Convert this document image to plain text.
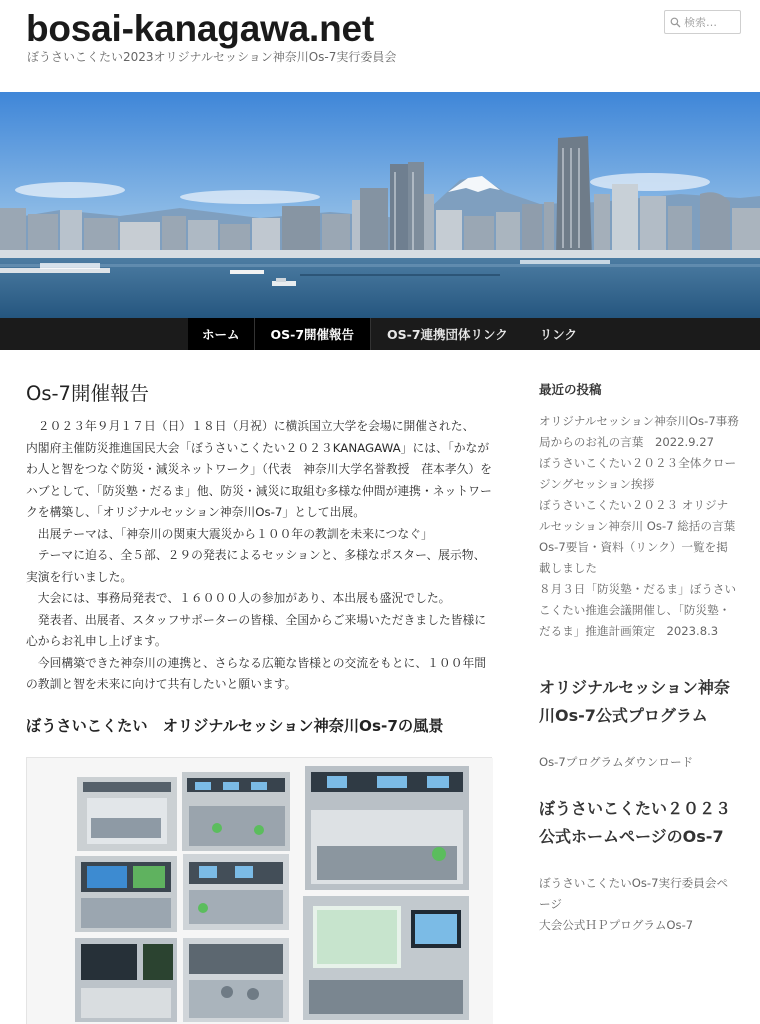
bosai-kanagawa.net
ぼうさいこくたい2023オリジナルセッション神奈川Os-7実行委員会
検索…
ホーム	OS-7開催報告	OS-7連携団体リンク	リンク
Os-7開催報告

２０２３年９月１７日（日）１８日（月祝）に横浜国立大学を会場に開催された、

内閣府主催防災推進国民大会「ぼうさいこくたい２０２３KANAGAWA」には、「かながわ人と智をつなぐ防災・減災ネットワーク」（代表　神奈川大学名誉教授　荏本孝久）をハブとして、「防災塾・だるま」他、防災・減災に取組む多様な仲間が連携・ネットワークを構築し、「オリジナルセッション神奈川Os-7」として出展。

出展テーマは、「神奈川の関東大震災から１００年の教訓を未来につなぐ」

テーマに迫る、全５部、２９の発表によるセッションと、多様なポスター、展示物、実演を行いました。

大会には、事務局発表で、１６０００人の参加があり、本出展も盛況でした。

発表者、出展者、スタッフサポーターの皆様、全国からご来場いただきました皆様に心からお礼申し上げます。

今回構築できた神奈川の連携と、さらなる広範な皆様との交流をもとに、１００年間の教訓と智を未来に向けて共有したいと願います。

ぼうさいこくたい　オリジナルセッション神奈川Os-7の風景
最近の投稿
オリジナルセッション神奈川Os-7事務局からのお礼の言葉　2022.9.27
ぼうさいこくたい２０２３全体クロージングセッション挨拶
ぼうさいこくたい２０２３ オリジナルセッション神奈川 Os-7 総括の言葉
Os-7要旨・資料（リンク）一覧を掲載しました
８月３日「防災塾・だるま」ぼうさいこくたい推進会議開催し、「防災塾・だるま」推進計画策定　2023.8.3
オリジナルセッション神奈川Os-7公式プログラム
Os-7プログラムダウンロード
ぼうさいこくたい２０２３公式ホームページのOs-7
ぼうさいこくたいOs-7実行委員会ページ
大会公式ＨＰプログラムOs-7
